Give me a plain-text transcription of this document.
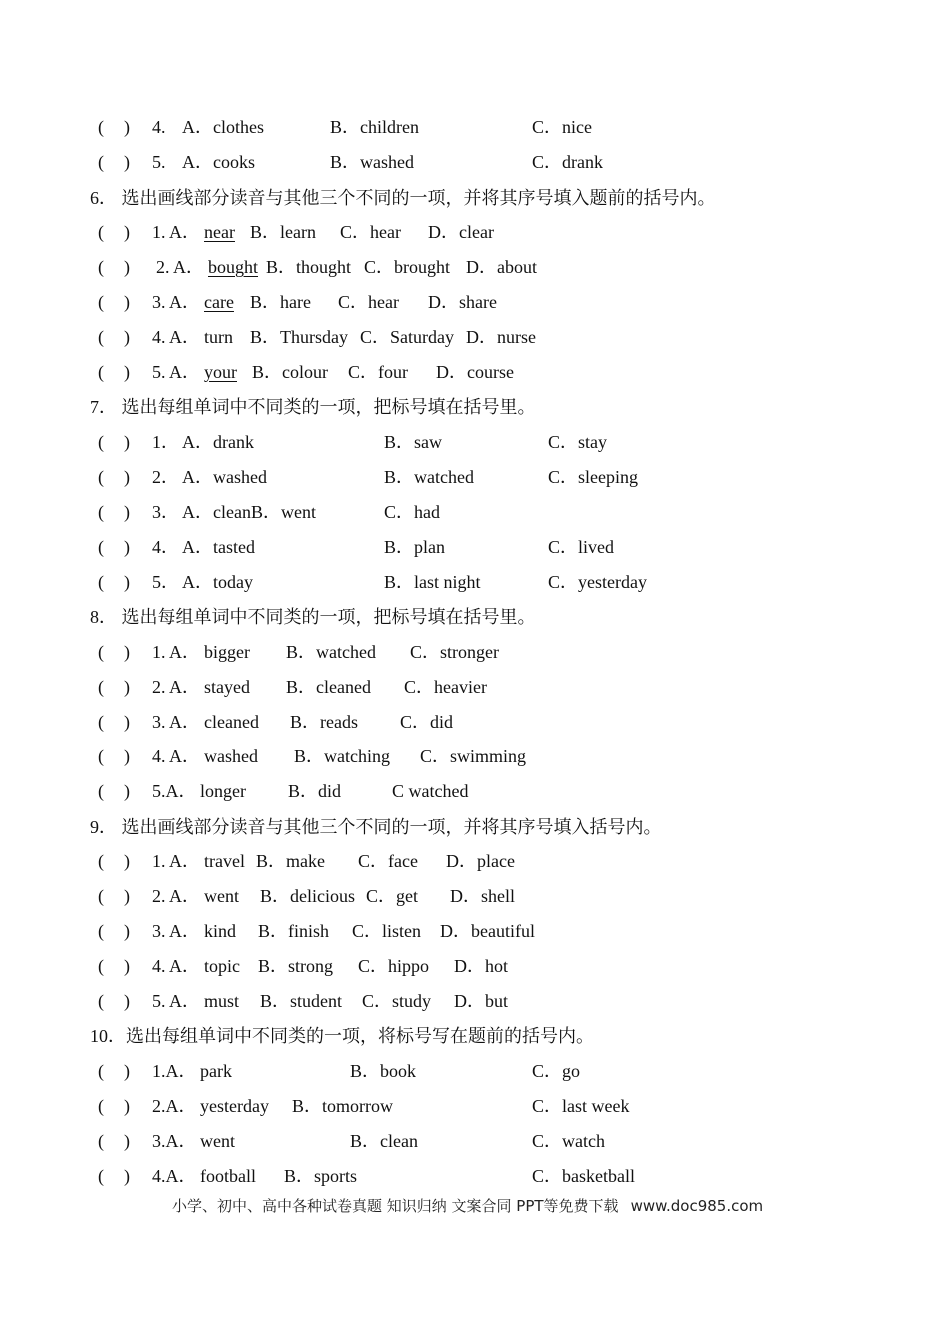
( ) 4. A．clothes	B．children	C．nice
( ) 5. A．cooks	B．washed	C．drank
6． 选出画线部分读音与其他三个不同的一项，并将其序号填入题前的括号内。
( ) 1. A． near B．learn C．hear D．clear
( ) 2. A． bought B．thought C．brought D．about
( ) 3. A． care B．hare C．hear D．share
( ) 4. A． turn B．Thursday C．Saturday D．nurse
( ) 5. A． your B．colour C．four D．course
7． 选出每组单词中不同类的一项，把标号填在括号里。
( ) 1． A．drank	B．saw	C．stay
( ) 2． A．washed	B．watched	C．sleeping
( ) 3． A．cleanB．went	C．had
( ) 4． A．tasted	B．plan	C．lived
( ) 5． A．today	B．last night	C．yesterday
8． 选出每组单词中不同类的一项，把标号填在括号里。
( ) 1. A． bigger B．watched C．stronger
( ) 2. A． stayed B．cleaned C．heavier
( ) 3. A． cleaned B．reads C．did
( ) 4. A． washed B．watching C．swimming
( ) 5.A． longer B．did	C watched
9． 选出画线部分读音与其他三个不同的一项，并将其序号填入括号内。
( ) 1. A． travel B．make C．face D．place
( ) 2. A． went B．delicious C．get D．shell
( ) 3. A． kind B．finish C．listen D．beautiful
( ) 4. A． topic B．strong C．hippo D．hot
( ) 5. A． must B．student C．study D．but
10．选出每组单词中不同类的一项，将标号写在题前的括号内。
( ) 1.A． park	B．book	C．go
( ) 2.A． yesterday B．tomorrow	C．last week
( ) 3.A． went	B．clean	C．watch
( ) 4.A． football B．sports	C．basketball
小学、初中、高中各种试卷真题 知识归纳 文案合同 PPT等免费下载 www.doc985.com
